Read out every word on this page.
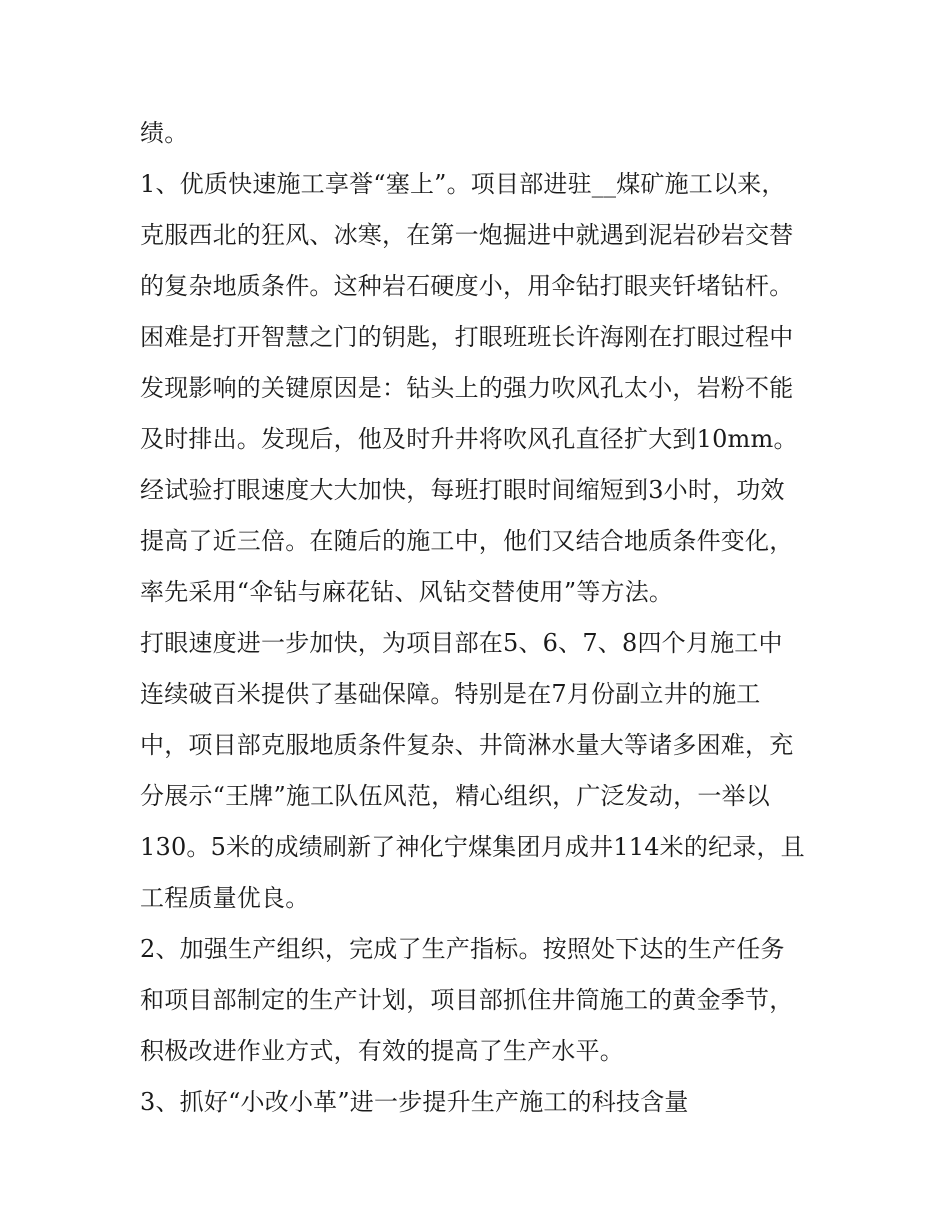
绩。
1、优质快速施工享誉“塞上”。项目部进驻__煤矿施工以来，
克服西北的狂风、冰寒，在第一炮掘进中就遇到泥岩砂岩交替
的复杂地质条件。这种岩石硬度小，用伞钻打眼夹钎堵钻杆。
困难是打开智慧之门的钥匙，打眼班班长许海刚在打眼过程中
发现影响的关键原因是：钻头上的强力吹风孔太小，岩粉不能
及时排出。发现后，他及时升井将吹风孔直径扩大到10mm。
经试验打眼速度大大加快，每班打眼时间缩短到3小时，功效
提高了近三倍。在随后的施工中，他们又结合地质条件变化，
率先采用“伞钻与麻花钻、风钻交替使用”等方法。
打眼速度进一步加快，为项目部在5、6、7、8四个月施工中
连续破百米提供了基础保障。特别是在7月份副立井的施工
中，项目部克服地质条件复杂、井筒淋水量大等诸多困难，充
分展示“王牌”施工队伍风范，精心组织，广泛发动，一举以
130。5米的成绩刷新了神化宁煤集团月成井114米的纪录，且
工程质量优良。
2、加强生产组织，完成了生产指标。按照处下达的生产任务
和项目部制定的生产计划，项目部抓住井筒施工的黄金季节，
积极改进作业方式，有效的提高了生产水平。
3、抓好“小改小革”进一步提升生产施工的科技含量
